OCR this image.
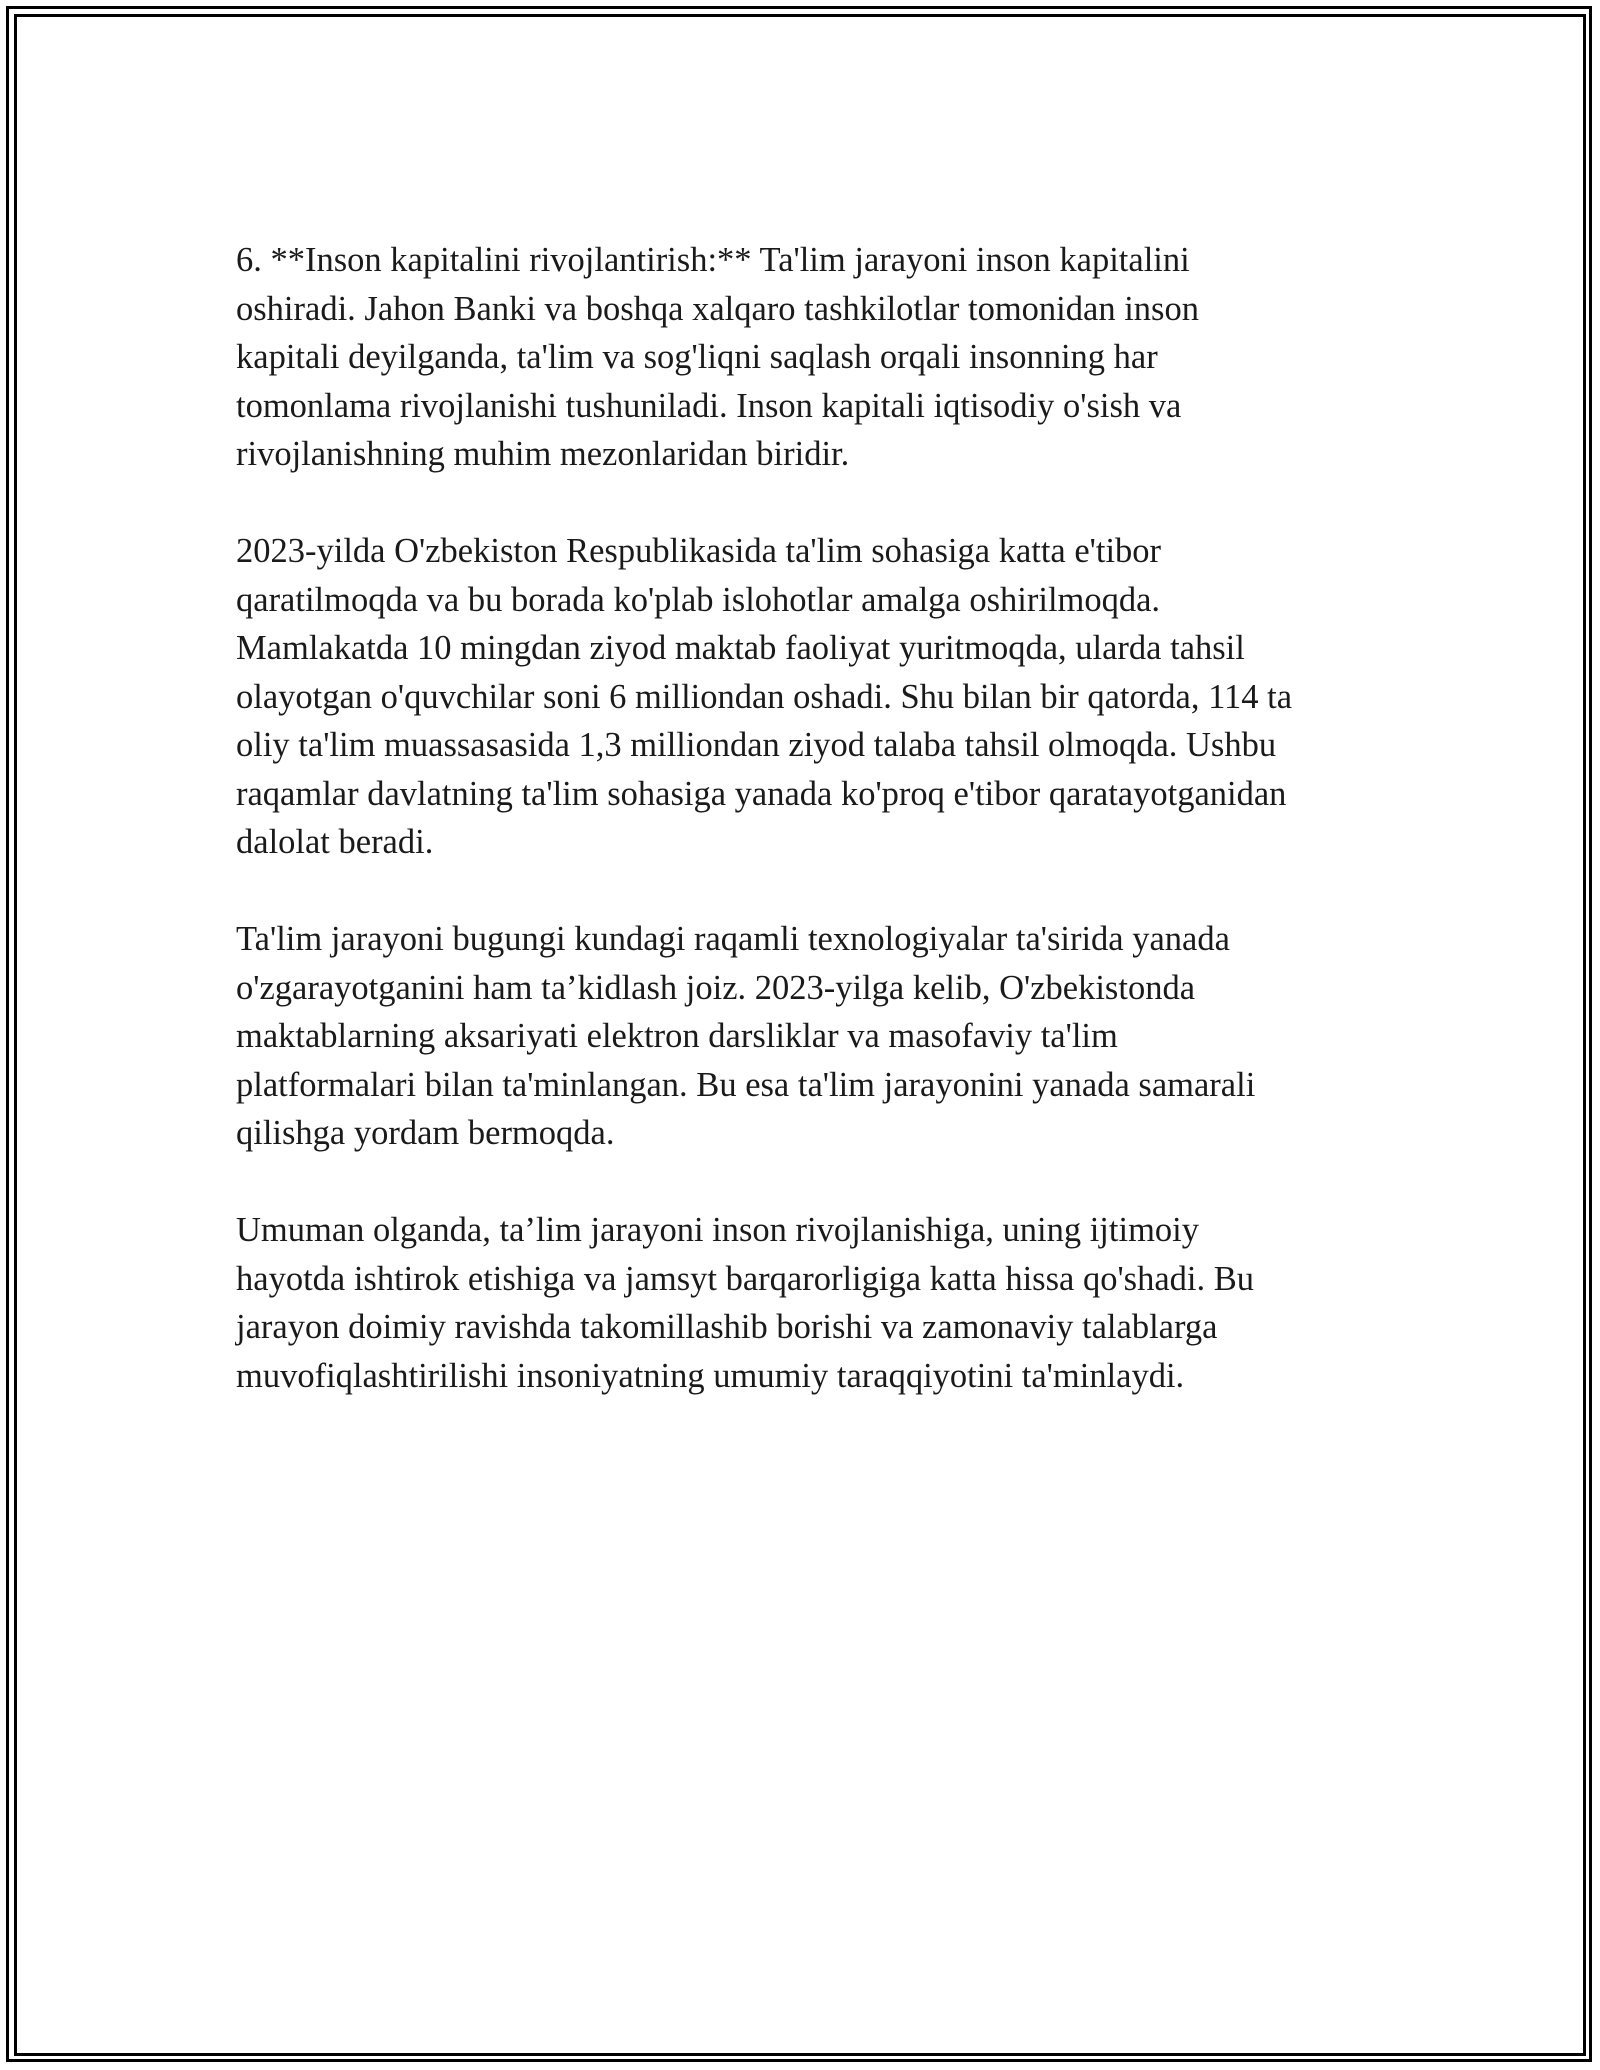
6. **Inson kapitalini rivojlantirish:** Ta'lim jarayoni inson kapitalini
oshiradi. Jahon Banki va boshqa xalqaro tashkilotlar tomonidan inson
kapitali deyilganda, ta'lim va sog'liqni saqlash orqali insonning har
tomonlama rivojlanishi tushuniladi. Inson kapitali iqtisodiy o'sish va
rivojlanishning muhim mezonlaridan biridir.

2023-yilda O'zbekiston Respublikasida ta'lim sohasiga katta e'tibor
qaratilmoqda va bu borada ko'plab islohotlar amalga oshirilmoqda.
Mamlakatda 10 mingdan ziyod maktab faoliyat yuritmoqda, ularda tahsil
olayotgan o'quvchilar soni 6 milliondan oshadi. Shu bilan bir qatorda, 114 ta
oliy ta'lim muassasasida 1,3 milliondan ziyod talaba tahsil olmoqda. Ushbu
raqamlar davlatning ta'lim sohasiga yanada ko'proq e'tibor qaratayotganidan
dalolat beradi.

Ta'lim jarayoni bugungi kundagi raqamli texnologiyalar ta'sirida yanada
o'zgarayotganini ham ta’kidlash joiz. 2023-yilga kelib, O'zbekistonda
maktablarning aksariyati elektron darsliklar va masofaviy ta'lim
platformalari bilan ta'minlangan. Bu esa ta'lim jarayonini yanada samarali
qilishga yordam bermoqda.

Umuman olganda, ta’lim jarayoni inson rivojlanishiga, uning ijtimoiy
hayotda ishtirok etishiga va jamsyt barqarorligiga katta hissa qo'shadi. Bu
jarayon doimiy ravishda takomillashib borishi va zamonaviy talablarga
muvofiqlashtirilishi insoniyatning umumiy taraqqiyotini ta'minlaydi.
